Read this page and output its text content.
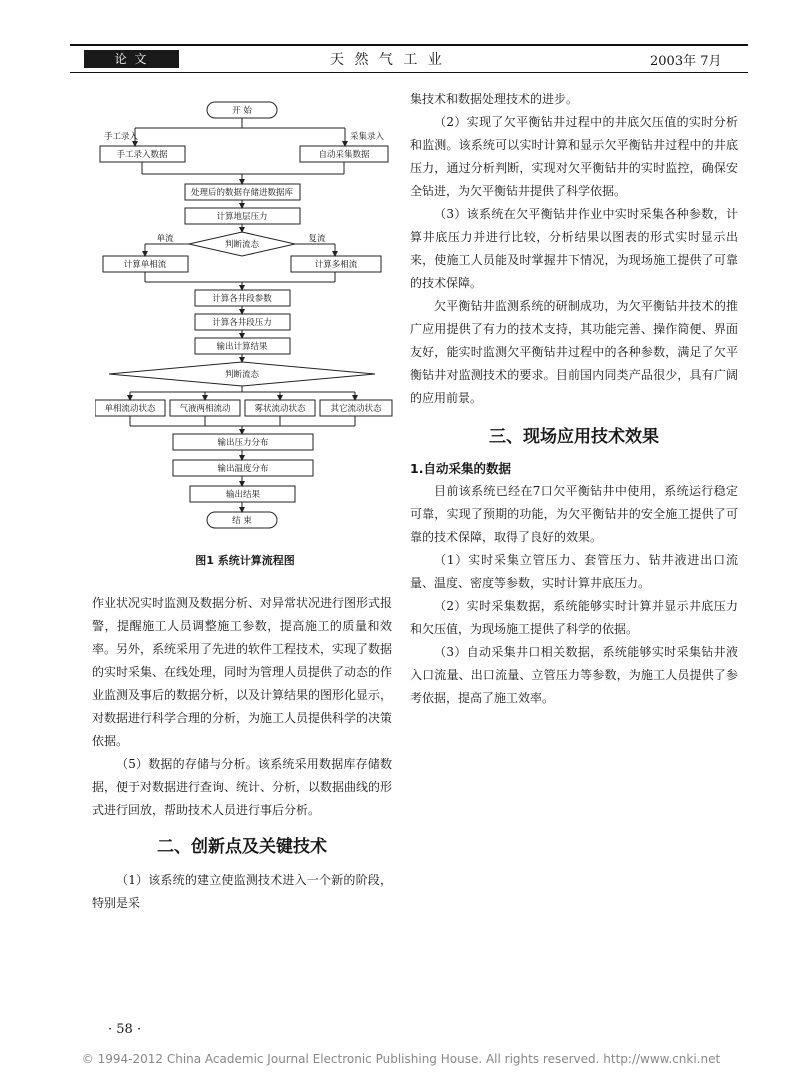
论 文	天 然 气 工 业	2003年 7月
开 始
手工录入	采集录入
手工录入数据	自动采集数据
处理后的数据存储进数据库
计算地层压力
判断流态
单流	复流
计算单相流	计算多相流
计算各井段参数
计算各井段压力
输出计算结果
判断流态
单相流动状态	气液两相流动	雾状流动状态	其它流动状态
输出压力分布
输出温度分布
输出结果
结 束
图1 系统计算流程图

作业状况实时监测及数据分析、对异常状况进行图形式报警，提醒施工人员调整施工参数，提高施工的质量和效率。另外，系统采用了先进的软件工程技术，实现了数据的实时采集、在线处理，同时为管理人员提供了动态的作业监测及事后的数据分析，以及计算结果的图形化显示，对数据进行科学合理的分析，为施工人员提供科学的决策依据。

（5）数据的存储与分析。该系统采用数据库存储数据，便于对数据进行查询、统计、分析，以数据曲线的形式进行回放，帮助技术人员进行事后分析。

二、创新点及关键技术

（1）该系统的建立使监测技术进入一个新的阶段，特别是采

集技术和数据处理技术的进步。

（2）实现了欠平衡钻井过程中的井底欠压值的实时分析和监测。该系统可以实时计算和显示欠平衡钻井过程中的井底压力，通过分析判断，实现对欠平衡钻井的实时监控，确保安全钻进，为欠平衡钻井提供了科学依据。

（3）该系统在欠平衡钻井作业中实时采集各种参数，计算井底压力并进行比较，分析结果以图表的形式实时显示出来，使施工人员能及时掌握井下情况，为现场施工提供了可靠的技术保障。

欠平衡钻井监测系统的研制成功，为欠平衡钻井技术的推广应用提供了有力的技术支持，其功能完善、操作简便、界面友好，能实时监测欠平衡钻井过程中的各种参数，满足了欠平衡钻井对监测技术的要求。目前国内同类产品很少，具有广阔的应用前景。

三、现场应用技术效果
1.自动采集的数据

目前该系统已经在7口欠平衡钻井中使用，系统运行稳定可靠，实现了预期的功能，为欠平衡钻井的安全施工提供了可靠的技术保障，取得了良好的效果。

（1）实时采集立管压力、套管压力、钻井液进出口流量、温度、密度等参数，实时计算井底压力。

（2）实时采集数据，系统能够实时计算并显示井底压力和欠压值，为现场施工提供了科学的依据。

（3）自动采集井口相关数据，系统能够实时采集钻井液入口流量、出口流量、立管压力等参数，为施工人员提供了参考依据，提高了施工效率。

· 58 ·
© 1994-2012 China Academic Journal Electronic Publishing House. All rights reserved. http://www.cnki.net
